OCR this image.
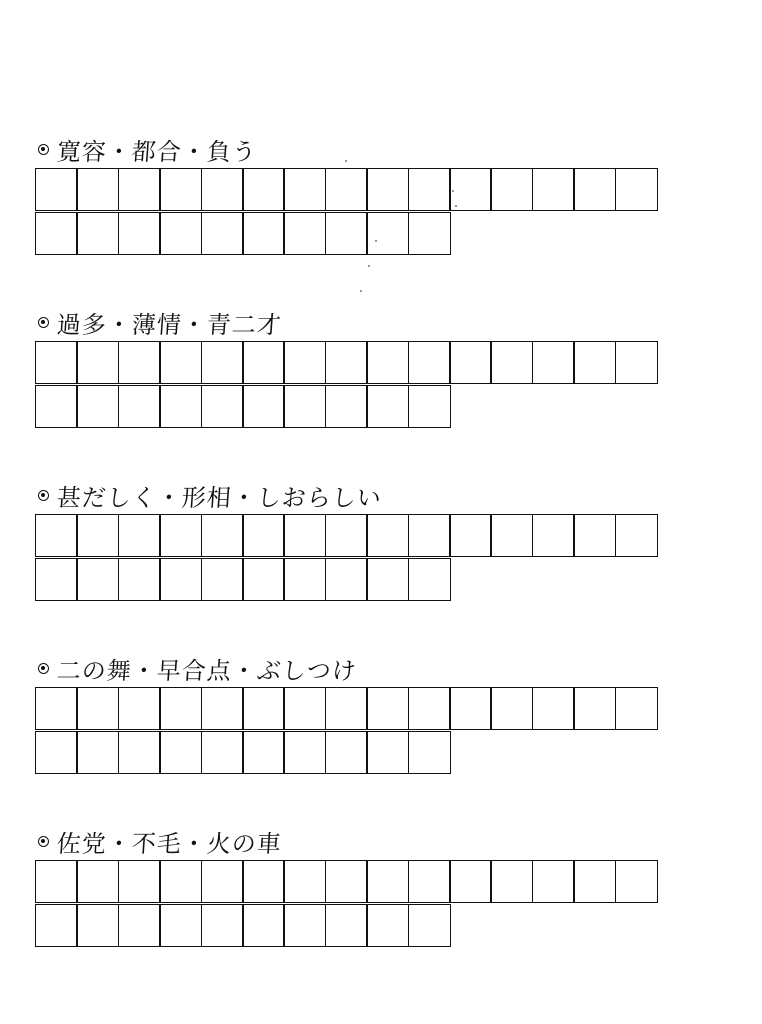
寛容・都合・負う
過多・薄情・青二才
甚だしく・形相・しおらしい
二の舞・早合点・ぶしつけ
佐党・不毛・火の車
